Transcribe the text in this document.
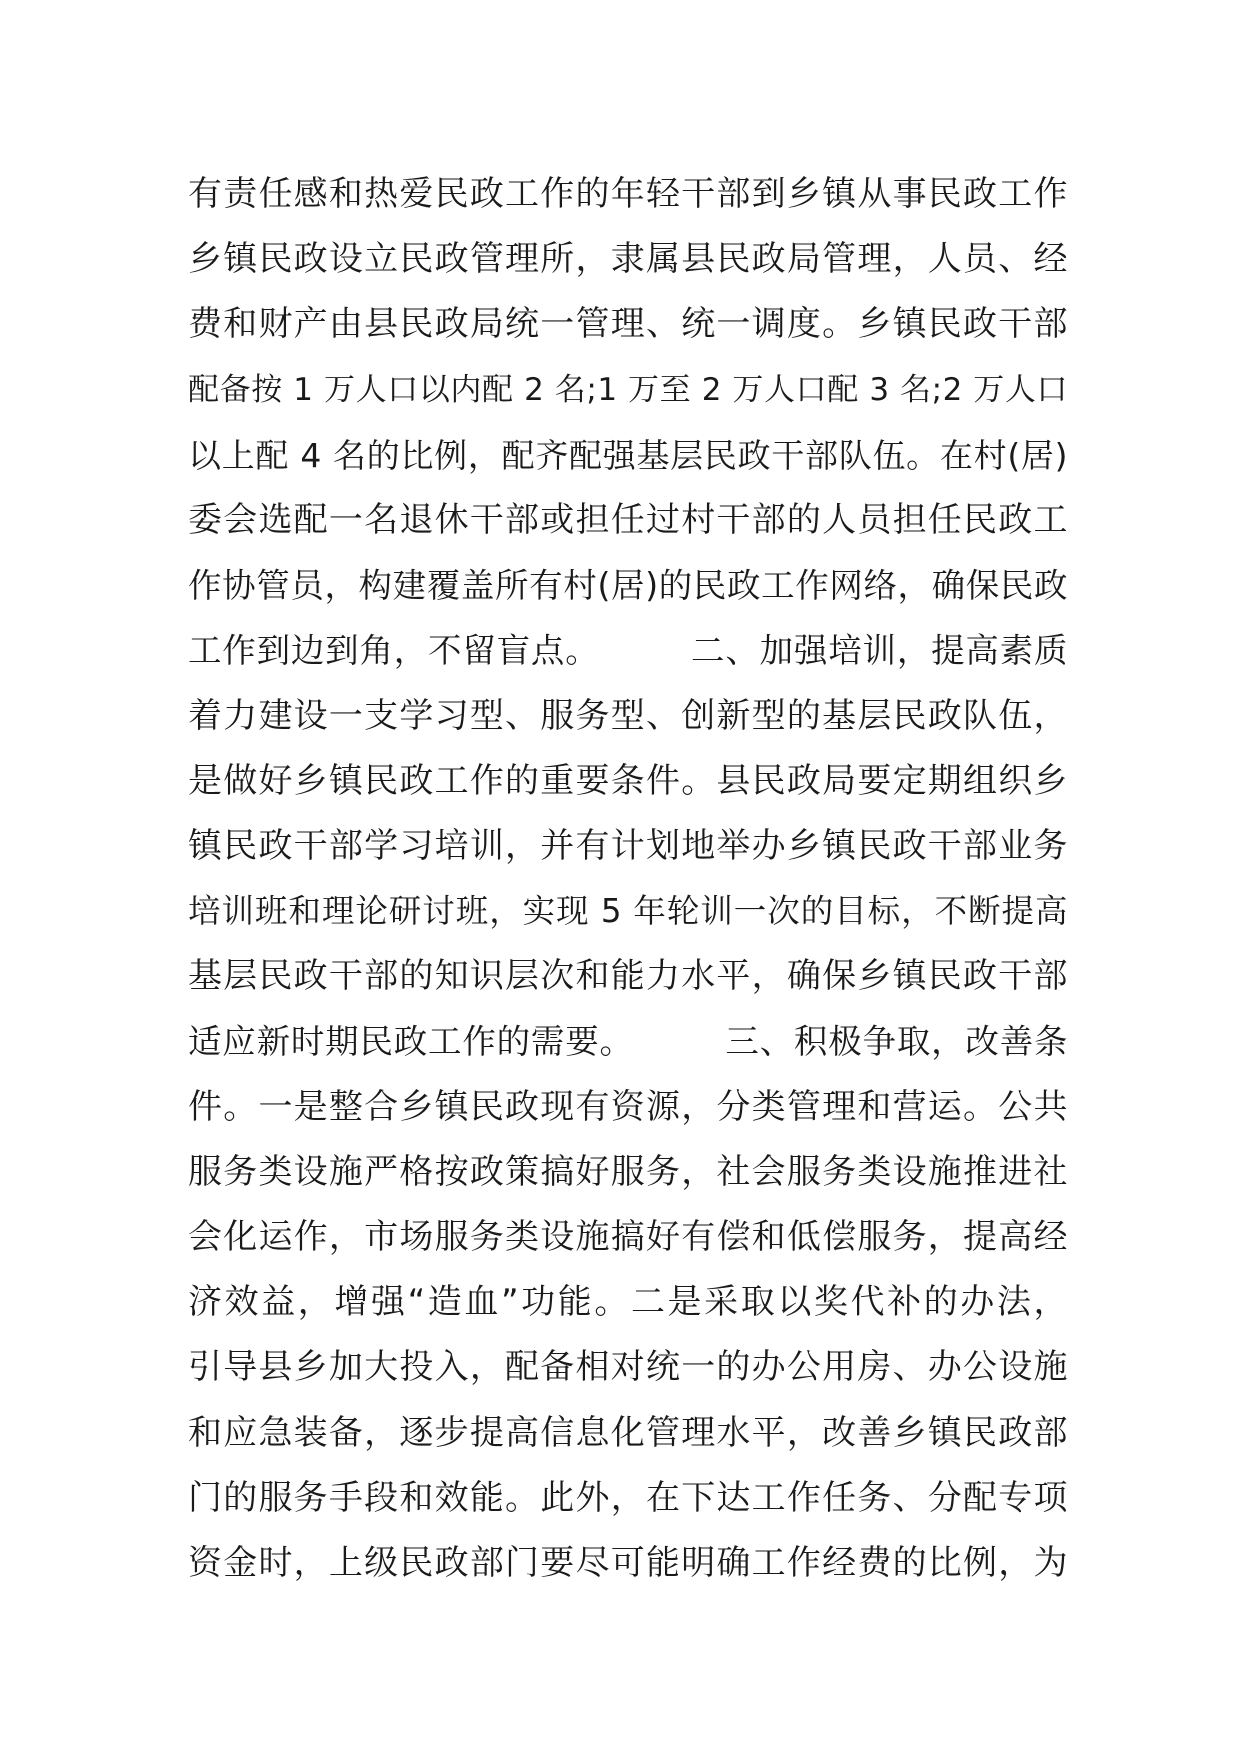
有责任感和热爱民政工作的年轻干部到乡镇从事民政工作
乡镇民政设立民政管理所，隶属县民政局管理，人员、经
费和财产由县民政局统一管理、统一调度。乡镇民政干部
配备按 1 万人口以内配 2 名;1 万至 2 万人口配 3 名;2 万人口
以上配 4 名的比例，配齐配强基层民政干部队伍。在村(居)
委会选配一名退休干部或担任过村干部的人员担任民政工
作协管员，构建覆盖所有村(居)的民政工作网络，确保民政
工作到边到角，不留盲点。        二、加强培训，提高素质
着力建设一支学习型、服务型、创新型的基层民政队伍，
是做好乡镇民政工作的重要条件。县民政局要定期组织乡
镇民政干部学习培训，并有计划地举办乡镇民政干部业务
培训班和理论研讨班，实现 5 年轮训一次的目标，不断提高
基层民政干部的知识层次和能力水平，确保乡镇民政干部
适应新时期民政工作的需要。        三、积极争取，改善条
件。一是整合乡镇民政现有资源，分类管理和营运。公共
服务类设施严格按政策搞好服务，社会服务类设施推进社
会化运作，市场服务类设施搞好有偿和低偿服务，提高经
济效益，增强“造血”功能。二是采取以奖代补的办法，
引导县乡加大投入，配备相对统一的办公用房、办公设施
和应急装备，逐步提高信息化管理水平，改善乡镇民政部
门的服务手段和效能。此外，在下达工作任务、分配专项
资金时，上级民政部门要尽可能明确工作经费的比例，为
